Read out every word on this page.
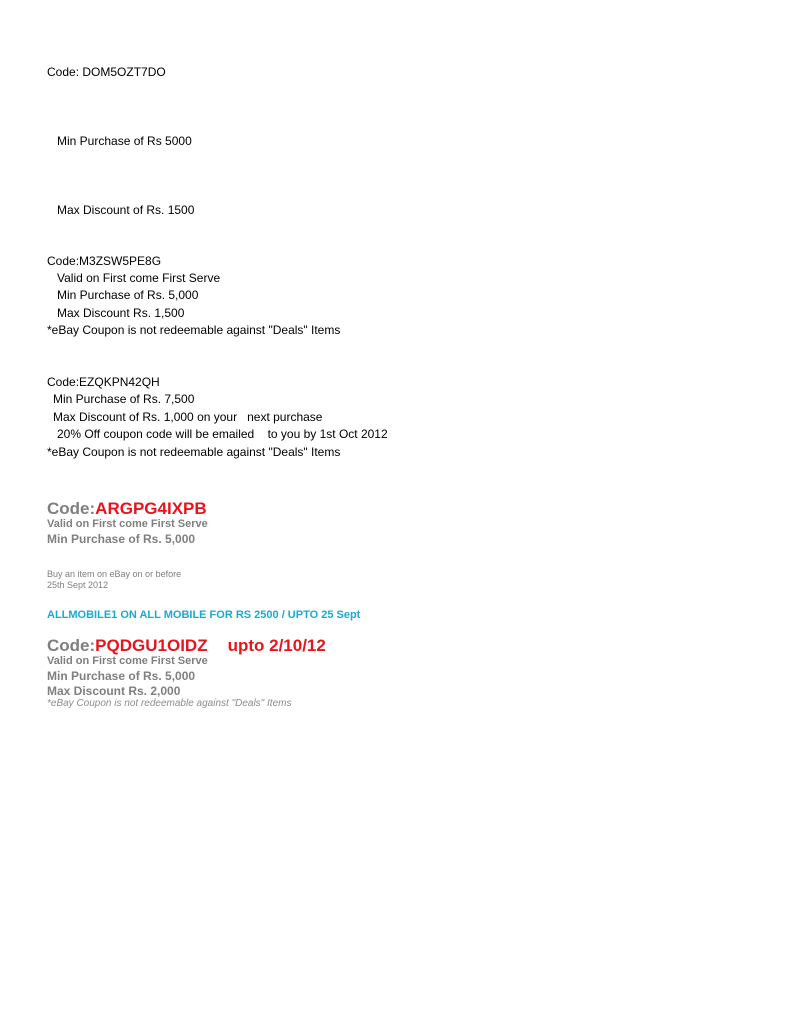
Code: DOM5OZT7DO
Min Purchase of Rs 5000
Max Discount of Rs. 1500
Code:M3ZSW5PE8G
Valid on First come First Serve
Min Purchase of Rs. 5,000
Max Discount Rs. 1,500
*eBay Coupon is not redeemable against "Deals" Items
Code:EZQKPN42QH
Min Purchase of Rs. 7,500
Max Discount of Rs. 1,000 on your   next purchase
20% Off coupon code will be emailed    to you by 1st Oct 2012
*eBay Coupon is not redeemable against "Deals" Items
Code:ARGPG4IXPB
Valid on First come First Serve
Min Purchase of Rs. 5,000
Buy an item on eBay on or before
25th Sept 2012
ALLMOBILE1 ON ALL MOBILE FOR RS 2500 / UPTO 25 Sept
Code:PQDGU1OIDZ upto 2/10/12
Valid on First come First Serve
Min Purchase of Rs. 5,000
Max Discount Rs. 2,000
*eBay Coupon is not redeemable against "Deals" Items
